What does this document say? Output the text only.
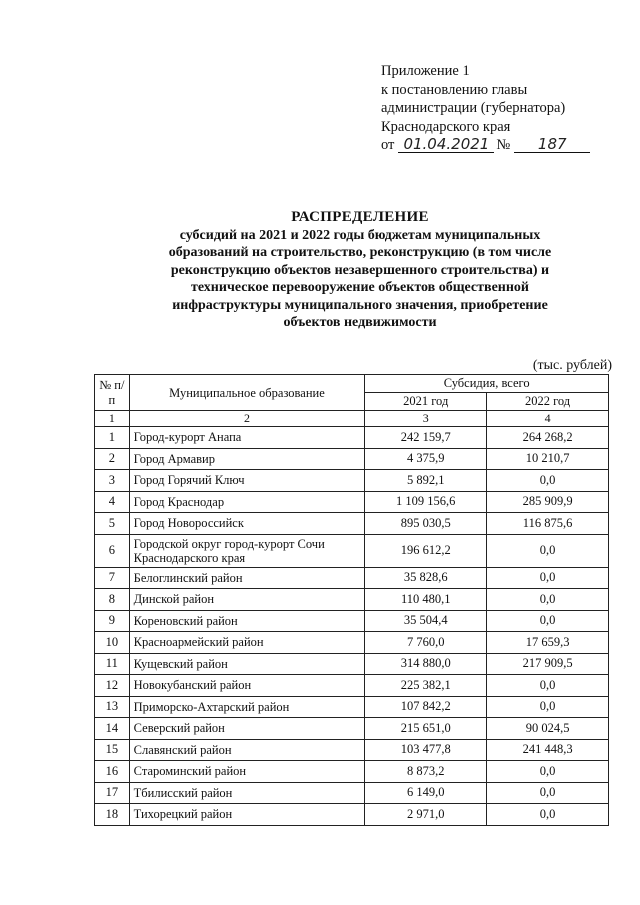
Приложение 1
к постановлению главы
администрации (губернатора)
Краснодарского края
от 01.04.2021 №	187
РАСПРЕДЕЛЕНИЕ
субсидий на 2021 и 2022 годы бюджетам муниципальных
образований на строительство, реконструкцию (в том числе
реконструкцию объектов незавершенного строительства) и
техническое перевооружение объектов общественной
инфраструктуры муниципального значения, приобретение
объектов недвижимости
(тыс. рублей)
№ п/п	Муниципальное образование	Субсидия, всего	
		2021 год	2022 год
1	2	3	4
1	Город-курорт Анапа	242 159,7	264 268,2
2	Город Армавир	4 375,9	10 210,7
3	Город Горячий Ключ	5 892,1	0,0
4	Город Краснодар	1 109 156,6	285 909,9
5	Город Новороссийск	895 030,5	116 875,6
6	Городской округ город-курорт Сочи Краснодарского края	196 612,2	0,0
7	Белоглинский район	35 828,6	0,0
8	Динской район	110 480,1	0,0
9	Кореновский район	35 504,4	0,0
10	Красноармейский район	7 760,0	17 659,3
11	Кущевский район	314 880,0	217 909,5
12	Новокубанский район	225 382,1	0,0
13	Приморско-Ахтарский район	107 842,2	0,0
14	Северский район	215 651,0	90 024,5
15	Славянский район	103 477,8	241 448,3
16	Староминский район	8 873,2	0,0
17	Тбилисский район	6 149,0	0,0
18	Тихорецкий район	2 971,0	0,0
